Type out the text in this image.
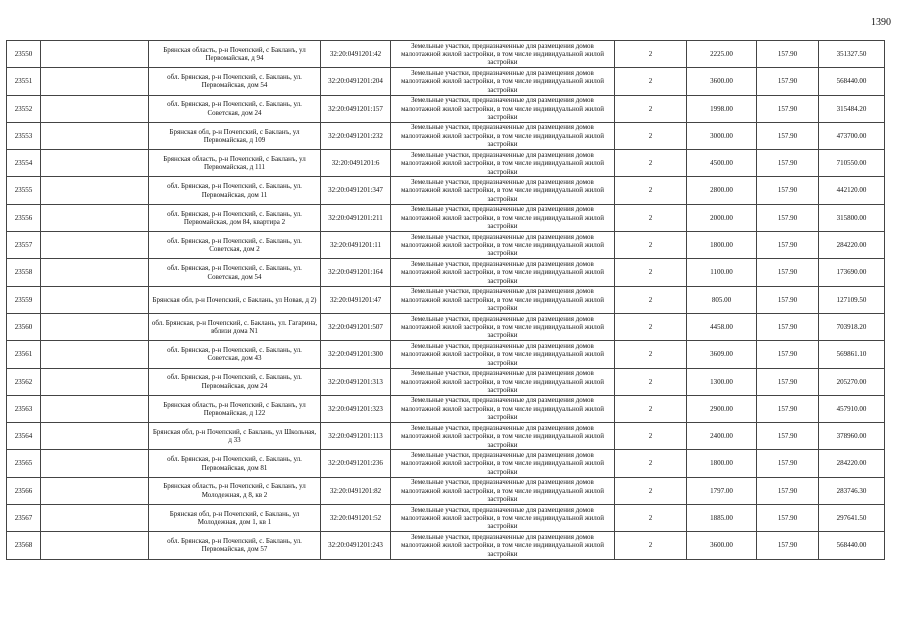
1390
23550		Брянская область, р-н Почепский, с Бакланъ, ул Первомайская, д 94	32:20:0491201:42	Земельные участки, предназначенные для размещения домов малоэтажной жилой застройки, в том числе индивидуальной жилой застройки	2	2225.00	157.90	351327.50
23551		обл. Брянская, р-н Почепский, с. Баклань, ул. Первомайская, дом 54	32:20:0491201:204	Земельные участки, предназначенные для размещения домов малоэтажной жилой застройки, в том числе индивидуальной жилой застройки	2	3600.00	157.90	568440.00
23552		обл. Брянская, р-н Почепский, с. Баклань, ул. Советская, дом 24	32:20:0491201:157	Земельные участки, предназначенные для размещения домов малоэтажной жилой застройки, в том числе индивидуальной жилой застройки	2	1998.00	157.90	315484.20
23553		Брянская обл, р-н Почепский, с Бакланъ, ул Первомайская, д 109	32:20:0491201:232	Земельные участки, предназначенные для размещения домов малоэтажной жилой застройки, в том числе индивидуальной жилой застройки	2	3000.00	157.90	473700.00
23554		Брянская область, р-н Почепский, с Бакланъ, ул Первомайская, д 111	32:20:0491201:6	Земельные участки, предназначенные для размещения домов малоэтажной жилой застройки, в том числе индивидуальной жилой застройки	2	4500.00	157.90	710550.00
23555		обл. Брянская, р-н Почепский, с. Баклань, ул. Первомайская, дом 11	32:20:0491201:347	Земельные участки, предназначенные для размещения домов малоэтажной жилой застройки, в том числе индивидуальной жилой застройки	2	2800.00	157.90	442120.00
23556		обл. Брянская, р-н Почепский, с. Баклань, ул. Первомайская, дом 84, квартира 2	32:20:0491201:211	Земельные участки, предназначенные для размещения домов малоэтажной жилой застройки, в том числе индивидуальной жилой застройки	2	2000.00	157.90	315800.00
23557		обл. Брянская, р-н Почепский, с. Баклань, ул. Советская, дом 2	32:20:0491201:11	Земельные участки, предназначенные для размещения домов малоэтажной жилой застройки, в том числе индивидуальной жилой застройки	2	1800.00	157.90	284220.00
23558		обл. Брянская, р-н Почепский, с. Баклань, ул. Советская, дом 54	32:20:0491201:164	Земельные участки, предназначенные для размещения домов малоэтажной жилой застройки, в том числе индивидуальной жилой застройки	2	1100.00	157.90	173690.00
23559		Брянская обл, р-н Почепский, с Баклань, ул Новая, д 2)	32:20:0491201:47	Земельные участки, предназначенные для размещения домов малоэтажной жилой застройки, в том числе индивидуальной жилой застройки	2	805.00	157.90	127109.50
23560		обл. Брянская, р-н Почепский, с. Баклань, ул. Гагарина, вблизи дома N1	32:20:0491201:507	Земельные участки, предназначенные для размещения домов малоэтажной жилой застройки, в том числе индивидуальной жилой застройки	2	4458.00	157.90	703918.20
23561		обл. Брянская, р-н Почепский, с. Баклань, ул. Советская, дом 43	32:20:0491201:300	Земельные участки, предназначенные для размещения домов малоэтажной жилой застройки, в том числе индивидуальной жилой застройки	2	3609.00	157.90	569861.10
23562		обл. Брянская, р-н Почепский, с. Баклань, ул. Первомайская, дом 24	32:20:0491201:313	Земельные участки, предназначенные для размещения домов малоэтажной жилой застройки, в том числе индивидуальной жилой застройки	2	1300.00	157.90	205270.00
23563		Брянская область, р-н Почепский, с Бакланъ, ул Первомайская, д 122	32:20:0491201:323	Земельные участки, предназначенные для размещения домов малоэтажной жилой застройки, в том числе индивидуальной жилой застройки	2	2900.00	157.90	457910.00
23564		Брянская обл, р-н Почепский, с Баклань, ул Школьная, д 33	32:20:0491201:113	Земельные участки, предназначенные для размещения домов малоэтажной жилой застройки, в том числе индивидуальной жилой застройки	2	2400.00	157.90	378960.00
23565		обл. Брянская, р-н Почепский, с. Баклань, ул. Первомайская, дом 81	32:20:0491201:236	Земельные участки, предназначенные для размещения домов малоэтажной жилой застройки, в том числе индивидуальной жилой застройки	2	1800.00	157.90	284220.00
23566		Брянская область, р-н Почепский, с Бакланъ, ул Молодежная, д 8, кв 2	32:20:0491201:82	Земельные участки, предназначенные для размещения домов малоэтажной жилой застройки, в том числе индивидуальной жилой застройки	2	1797.00	157.90	283746.30
23567		Брянская обл, р-н Почепский, с Баклань, ул Молодежная, дом 1, кв 1	32:20:0491201:52	Земельные участки, предназначенные для размещения домов малоэтажной жилой застройки, в том числе индивидуальной жилой застройки	2	1885.00	157.90	297641.50
23568		обл. Брянская, р-н Почепский, с. Баклань, ул. Первомайская, дом 57	32:20:0491201:243	Земельные участки, предназначенные для размещения домов малоэтажной жилой застройки, в том числе индивидуальной жилой застройки	2	3600.00	157.90	568440.00
